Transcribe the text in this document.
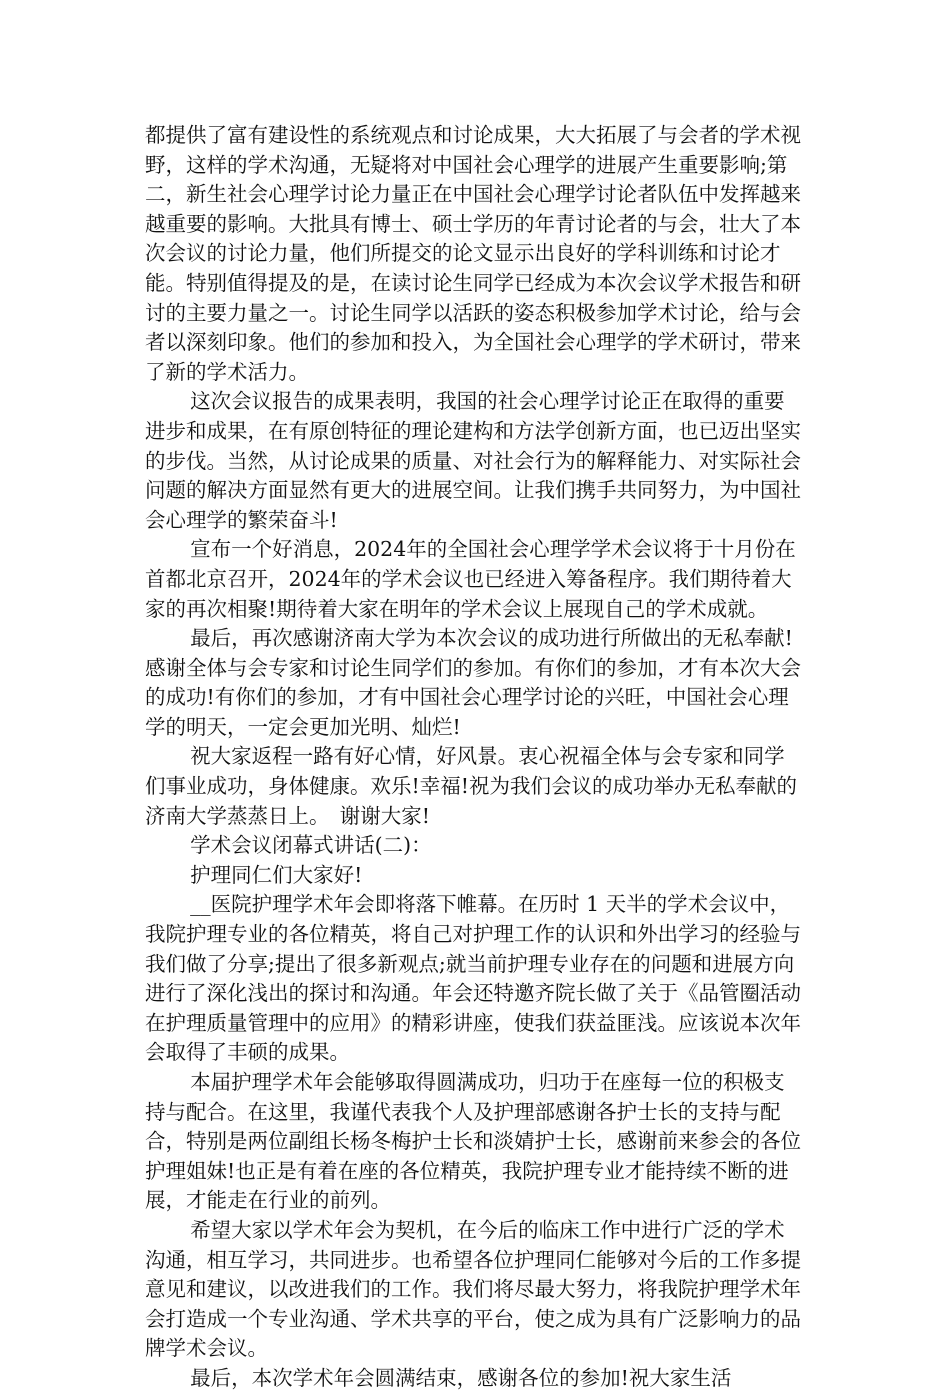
都提供了富有建设性的系统观点和讨论成果，大大拓展了与会者的学术视野，这样的学术沟通，无疑将对中国社会心理学的进展产生重要影响;第二，新生社会心理学讨论力量正在中国社会心理学讨论者队伍中发挥越来越重要的影响。大批具有博士、硕士学历的年青讨论者的与会，壮大了本次会议的讨论力量，他们所提交的论文显示出良好的学科训练和讨论才能。特别值得提及的是，在读讨论生同学已经成为本次会议学术报告和研讨的主要力量之一。讨论生同学以活跃的姿态积极参加学术讨论，给与会者以深刻印象。他们的参加和投入，为全国社会心理学的学术研讨，带来了新的学术活力。

这次会议报告的成果表明，我国的社会心理学讨论正在取得的重要进步和成果，在有原创特征的理论建构和方法学创新方面，也已迈出坚实的步伐。当然，从讨论成果的质量、对社会行为的解释能力、对实际社会问题的解决方面显然有更大的进展空间。让我们携手共同努力，为中国社会心理学的繁荣奋斗!

宣布一个好消息，2024年的全国社会心理学学术会议将于十月份在首都北京召开，2024年的学术会议也已经进入筹备程序。我们期待着大家的再次相聚!期待着大家在明年的学术会议上展现自己的学术成就。

最后，再次感谢济南大学为本次会议的成功进行所做出的无私奉献!感谢全体与会专家和讨论生同学们的参加。有你们的参加，才有本次大会的成功!有你们的参加，才有中国社会心理学讨论的兴旺，中国社会心理学的明天，一定会更加光明、灿烂!

祝大家返程一路有好心情，好风景。衷心祝福全体与会专家和同学们事业成功，身体健康。欢乐!幸福!祝为我们会议的成功举办无私奉献的济南大学蒸蒸日上。　谢谢大家!

学术会议闭幕式讲话(二)：

护理同仁们大家好!

__医院护理学术年会即将落下帷幕。在历时 1 天半的学术会议中，我院护理专业的各位精英，将自己对护理工作的认识和外出学习的经验与我们做了分享;提出了很多新观点;就当前护理专业存在的问题和进展方向进行了深化浅出的探讨和沟通。年会还特邀齐院长做了关于《品管圈活动在护理质量管理中的应用》的精彩讲座，使我们获益匪浅。应该说本次年会取得了丰硕的成果。

本届护理学术年会能够取得圆满成功，归功于在座每一位的积极支持与配合。在这里，我谨代表我个人及护理部感谢各护士长的支持与配合，特别是两位副组长杨冬梅护士长和淡婧护士长，感谢前来参会的各位护理姐妹!也正是有着在座的各位精英，我院护理专业才能持续不断的进展，才能走在行业的前列。

希望大家以学术年会为契机，在今后的临床工作中进行广泛的学术沟通，相互学习，共同进步。也希望各位护理同仁能够对今后的工作多提意见和建议，以改进我们的工作。我们将尽最大努力，将我院护理学术年会打造成一个专业沟通、学术共享的平台，使之成为具有广泛影响力的品牌学术会议。

最后，本次学术年会圆满结束，感谢各位的参加!祝大家生活
